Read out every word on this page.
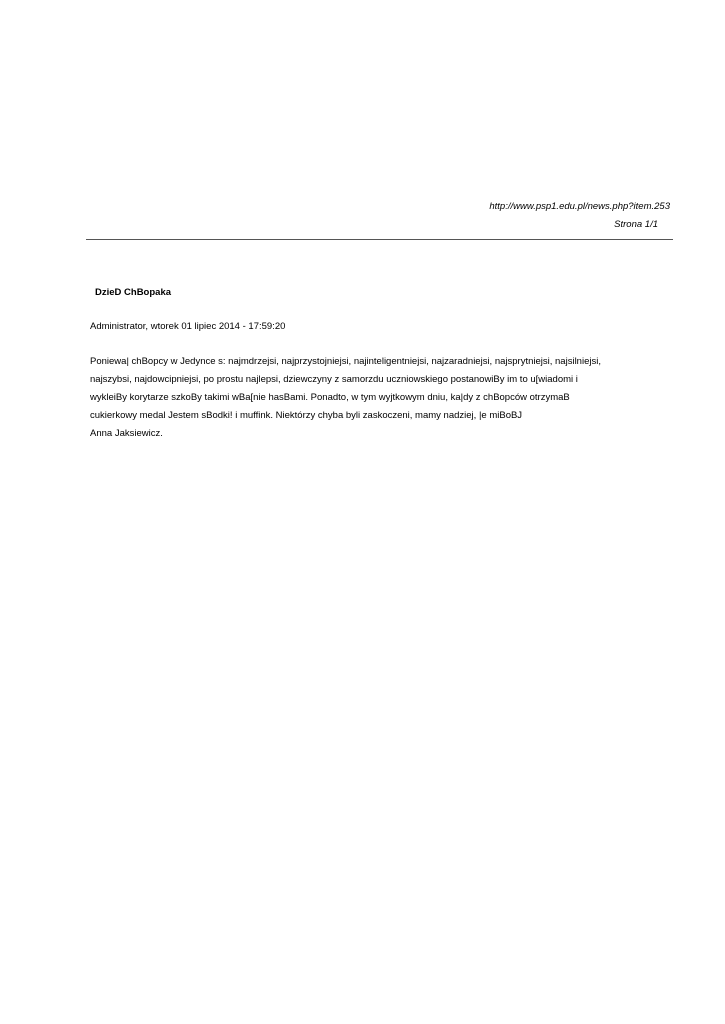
http://www.psp1.edu.pl/news.php?item.253
Strona 1/1
DzieD ChBopaka
Administrator, wtorek 01 lipiec 2014 - 17:59:20
Poniewa| chBopcy w Jedynce s: najmdrzejsi, najprzystojniejsi, najinteligentniejsi, najzaradniejsi, najsprytniejsi, najsilniejsi,
najszybsi, najdowcipniejsi, po prostu najlepsi, dziewczyny z samorzdu uczniowskiego postanowiBy im to u[wiadomi i
wykleiBy korytarze szkoBy takimi wBa[nie hasBami. Ponadto, w tym wyjtkowym dniu, ka|dy z chBopców otrzymaB
cukierkowy medal Jestem sBodki! i muffink. Niektórzy chyba byli zaskoczeni, mamy nadziej, |e miBoBJ
Anna Jaksiewicz.
